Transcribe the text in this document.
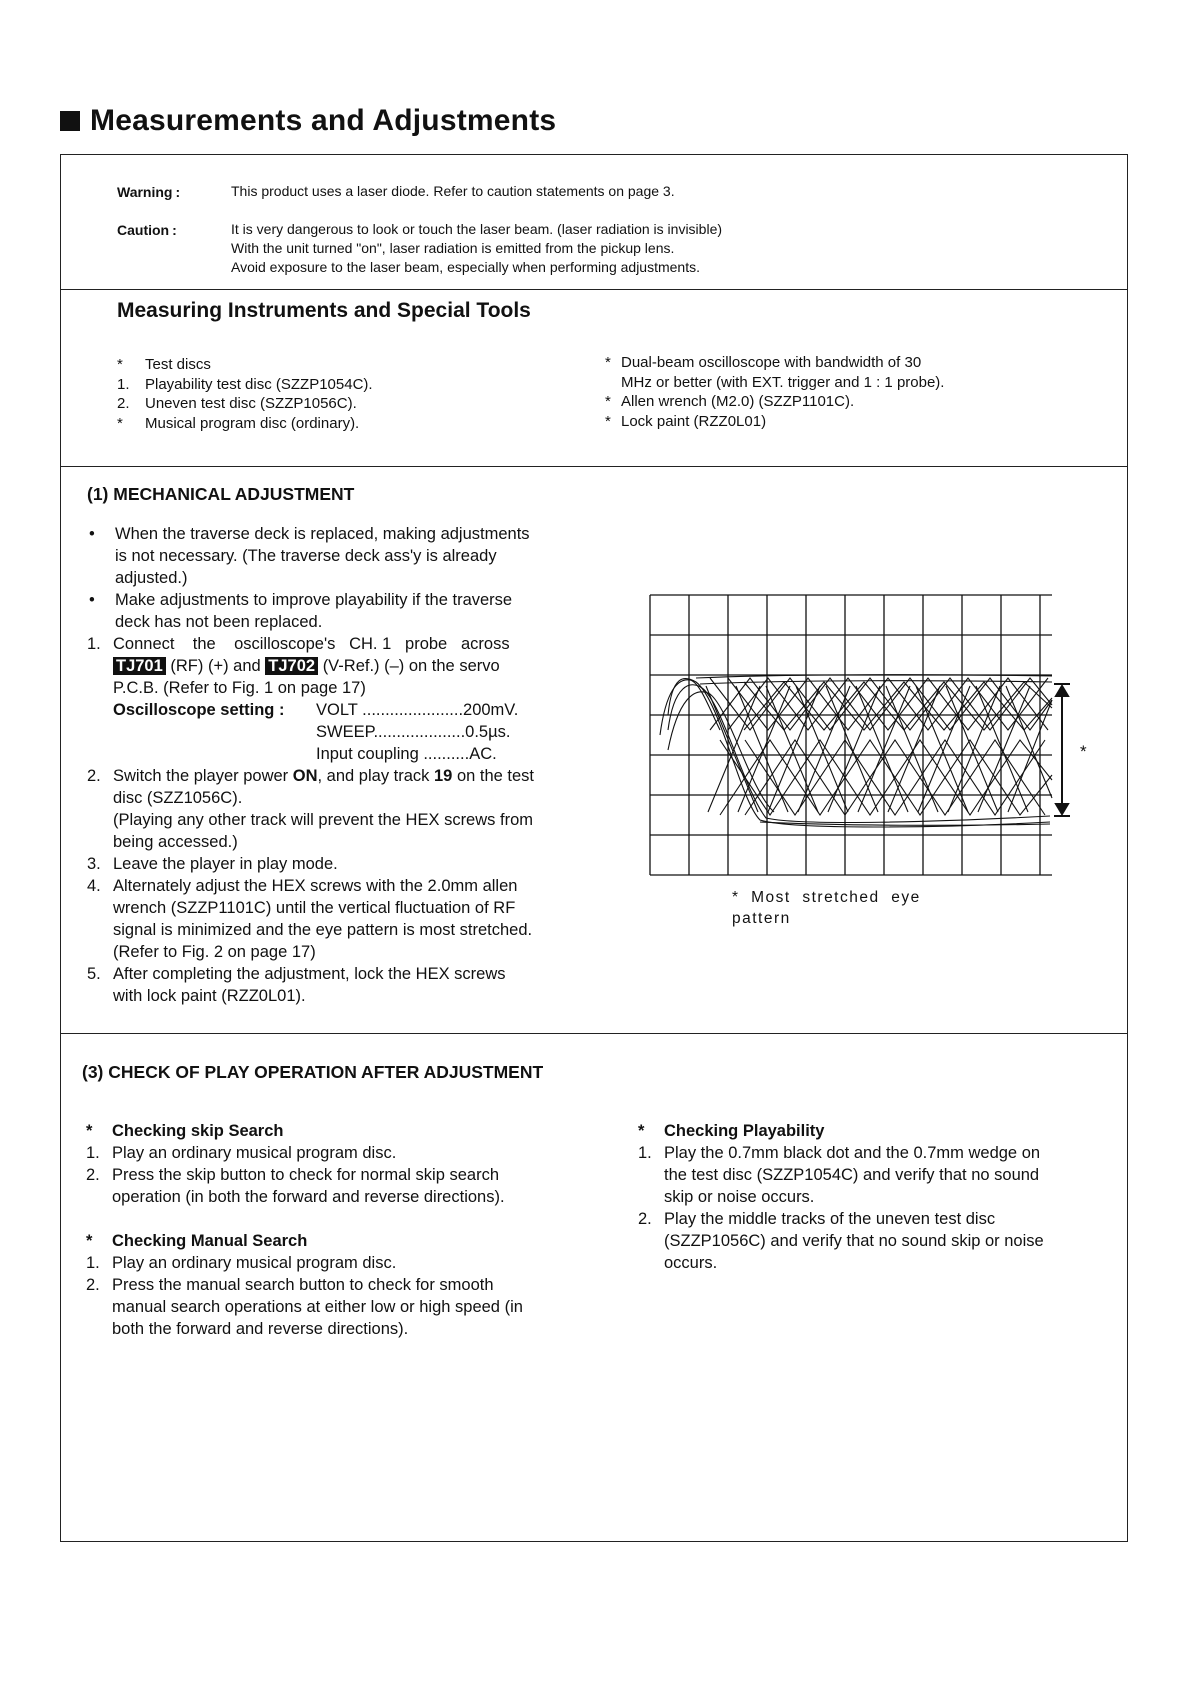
Measurements and Adjustments
Warning :	This product uses a laser diode. Refer to caution statements on page 3.
Caution :	It is very dangerous to look or touch the laser beam. (laser radiation is invisible)
With the unit turned "on", laser radiation is emitted from the pickup lens.
Avoid exposure to the laser beam, especially when performing adjustments.
Measuring Instruments and Special Tools
*	Test discs
1.	Playability test disc (SZZP1054C).
2.	Uneven test disc (SZZP1056C).
*	Musical program disc (ordinary).
* Dual-beam oscilloscope with bandwidth of 30
MHz or better (with EXT. trigger and 1 : 1 probe).
* Allen wrench (M2.0) (SZZP1101C).
* Lock paint (RZZ0L01)
(1) MECHANICAL ADJUSTMENT
•	When the traverse deck is replaced, making adjustments
is not necessary. (The traverse deck ass'y is already
adjusted.)
•	Make adjustments to improve playability if the traverse
deck has not been replaced.
1. Connect    the    oscilloscope's   CH. 1   probe   across
TJ701 (RF) (+) and TJ702 (V-Ref.) (–) on the servo
P.C.B. (Refer to Fig. 1 on page 17)
Oscilloscope setting :	VOLT ......................200mV.
SWEEP....................0.5µs.
Input coupling ..........AC.
2. Switch the player power ON, and play track 19 on the test
disc (SZZ1056C).
(Playing any other track will prevent the HEX screws from
being accessed.)
3. Leave the player in play mode.
4. Alternately adjust the HEX screws with the 2.0mm allen
wrench (SZZP1101C) until the vertical fluctuation of RF
signal is minimized and the eye pattern is most stretched.
(Refer to Fig. 2 on page 17)
5. After completing the adjustment, lock the HEX screws
with lock paint (RZZ0L01).
*
*  Most  stretched  eye
pattern
(3) CHECK OF PLAY OPERATION AFTER ADJUSTMENT
*	Checking skip Search
1. Play an ordinary musical program disc.
2. Press the skip button to check for normal skip search
operation (in both the forward and reverse directions).
*	Checking Manual Search
1. Play an ordinary musical program disc.
2. Press the manual search button to check for smooth
manual search operations at either low or high speed (in
both the forward and reverse directions).
*	Checking Playability
1. Play the 0.7mm black dot and the 0.7mm wedge on
the test disc (SZZP1054C) and verify that no sound
skip or noise occurs.
2. Play the middle tracks of the uneven test disc
(SZZP1056C) and verify that no sound skip or noise
occurs.
